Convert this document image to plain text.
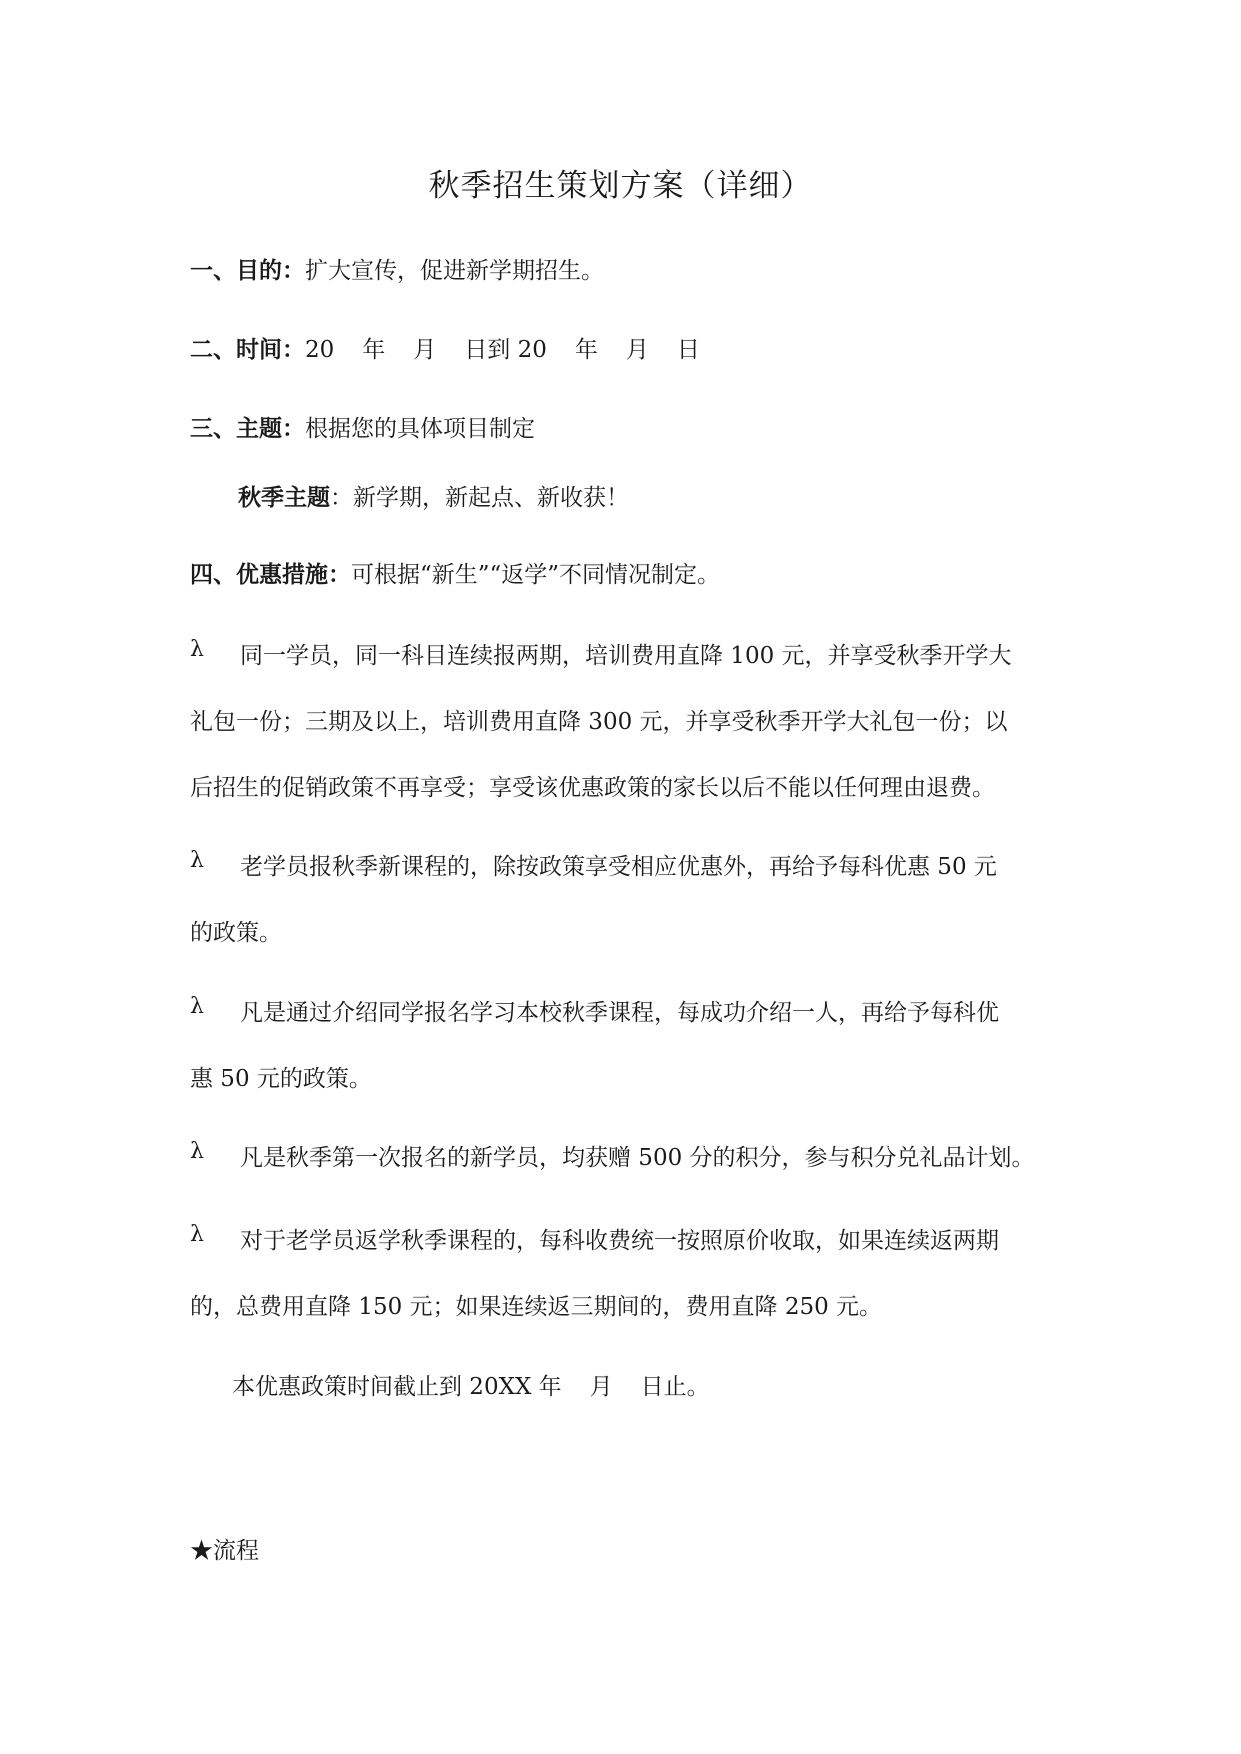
秋季招生策划方案（详细）
一、目的：扩大宣传，促进新学期招生。
二、时间：20 年 月 日到 20 年 月 日
三、主题：根据您的具体项目制定
秋季主题：新学期，新起点、新收获！
四、优惠措施：可根据“新生”“返学”不同情况制定。
λ 同一学员，同一科目连续报两期，培训费用直降 100 元，并享受秋季开学大
礼包一份；三期及以上，培训费用直降 300 元，并享受秋季开学大礼包一份；以
后招生的促销政策不再享受；享受该优惠政策的家长以后不能以任何理由退费。
λ 老学员报秋季新课程的，除按政策享受相应优惠外，再给予每科优惠 50 元
的政策。
λ 凡是通过介绍同学报名学习本校秋季课程，每成功介绍一人，再给予每科优
惠 50 元的政策。
λ 凡是秋季第一次报名的新学员，均获赠 500 分的积分，参与积分兑礼品计划。
λ 对于老学员返学秋季课程的，每科收费统一按照原价收取，如果连续返两期
的，总费用直降 150 元；如果连续返三期间的，费用直降 250 元。
本优惠政策时间截止到 20XX 年 月 日止。
★流程
